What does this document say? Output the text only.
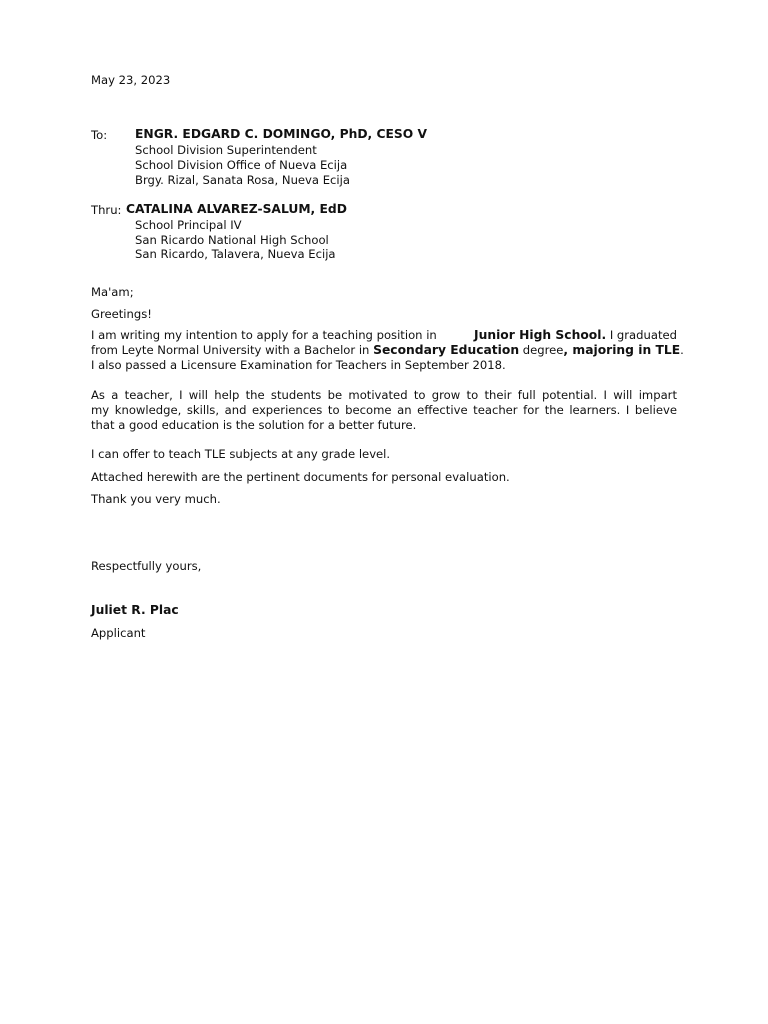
May 23, 2023
To: ENGR. EDGARD C. DOMINGO, PhD, CESO V
School Division Superintendent
School Division Office of Nueva Ecija
Brgy. Rizal, Sanata Rosa, Nueva Ecija
Thru: CATALINA ALVAREZ-SALUM, EdD
School Principal IV
San Ricardo National High School
San Ricardo, Talavera, Nueva Ecija
Ma'am;
Greetings!
I am writing my intention to apply for a teaching position in
	Junior High School.
I graduated
from Leyte Normal University with a Bachelor in Secondary Education degree, majoring in TLE.
I also passed a Licensure Examination for Teachers in September 2018.
As a teacher, I will help the students be motivated to grow to their full potential. I will impart
my knowledge, skills, and experiences to become an effective teacher for the learners. I believe
that a good education is the solution for a better future.
I can offer to teach TLE subjects at any grade level.
Attached herewith are the pertinent documents for personal evaluation.
Thank you very much.
Respectfully yours,
Juliet R. Plac
Applicant
